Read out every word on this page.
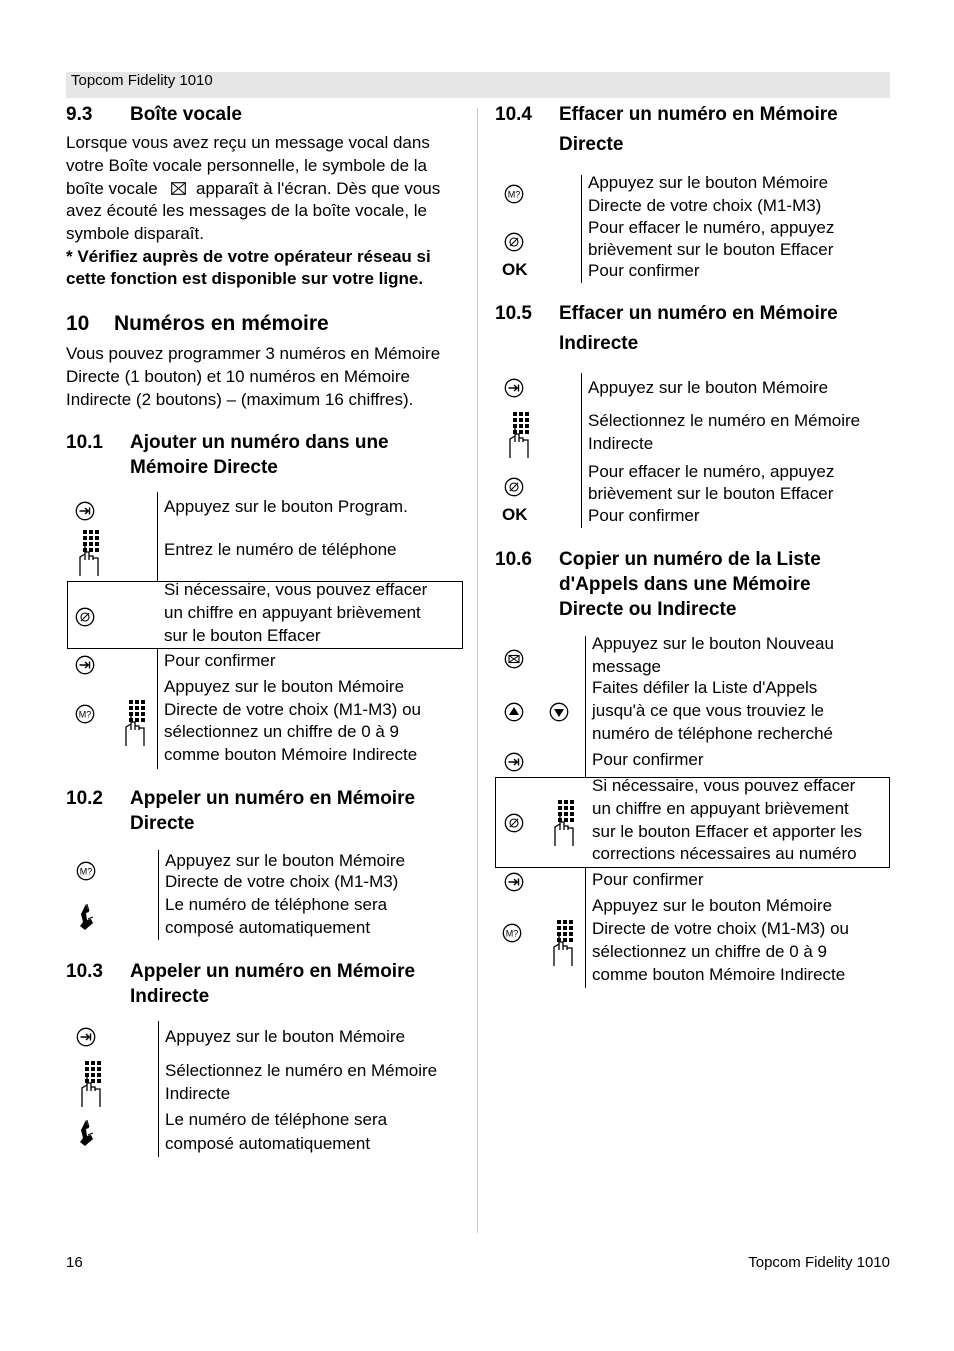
Topcom Fidelity 1010
9.3 Boîte vocale
Lorsque vous avez reçu un message vocal dans
votre Boîte vocale personnelle, le symbole de la
boîte vocale apparaît à l'écran. Dès que vous
avez écouté les messages de la boîte vocale, le
symbole disparaît.
* Vérifiez auprès de votre opérateur réseau si
cette fonction est disponible sur votre ligne.
10 Numéros en mémoire
Vous pouvez programmer 3 numéros en Mémoire
Directe (1 bouton) et 10 numéros en Mémoire
Indirecte (2 boutons) – (maximum 16 chiffres).
10.1 Ajouter un numéro dans une
Mémoire Directe
Appuyez sur le bouton Program.
Entrez le numéro de téléphone
Si nécessaire, vous pouvez effacer
un chiffre en appuyant brièvement
sur le bouton Effacer
Pour confirmer
Appuyez sur le bouton Mémoire
Directe de votre choix (M1-M3) ou
sélectionnez un chiffre de 0 à 9
comme bouton Mémoire Indirecte
10.2 Appeler un numéro en Mémoire
Directe
Appuyez sur le bouton Mémoire
Directe de votre choix (M1-M3)
Le numéro de téléphone sera
composé automatiquement
10.3 Appeler un numéro en Mémoire
Indirecte
Appuyez sur le bouton Mémoire
Sélectionnez le numéro en Mémoire
Indirecte
Le numéro de téléphone sera
composé automatiquement
10.4 Effacer un numéro en Mémoire
Directe
Appuyez sur le bouton Mémoire
Directe de votre choix (M1-M3)
Pour effacer le numéro, appuyez
brièvement sur le bouton Effacer
OK	Pour confirmer
10.5 Effacer un numéro en Mémoire
Indirecte
Appuyez sur le bouton Mémoire
Sélectionnez le numéro en Mémoire
Indirecte
Pour effacer le numéro, appuyez
brièvement sur le bouton Effacer
OK	Pour confirmer
10.6 Copier un numéro de la Liste
d'Appels dans une Mémoire
Directe ou Indirecte
Appuyez sur le bouton Nouveau
message
Faites défiler la Liste d'Appels
jusqu'à ce que vous trouviez le
numéro de téléphone recherché
Pour confirmer
Si nécessaire, vous pouvez effacer
un chiffre en appuyant brièvement
sur le bouton Effacer et apporter les
corrections nécessaires au numéro
Pour confirmer
Appuyez sur le bouton Mémoire
Directe de votre choix (M1-M3) ou
sélectionnez un chiffre de 0 à 9
comme bouton Mémoire Indirecte
16	Topcom Fidelity 1010
